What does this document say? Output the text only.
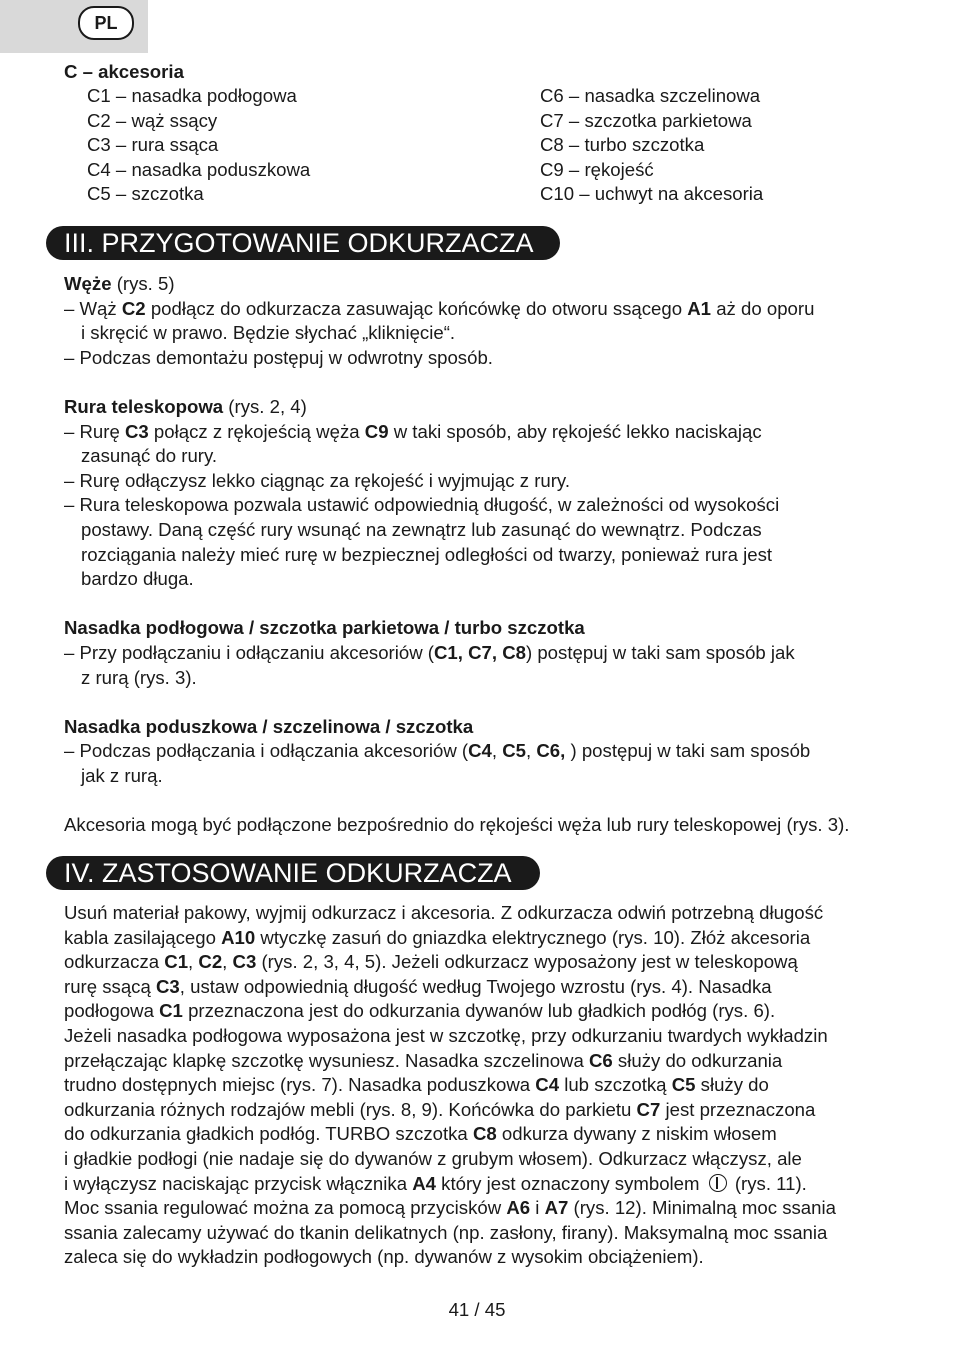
PL
C – akcesoria
C1 – nasadka podłogowa
C2 – wąż ssący
C3 – rura ssąca
C4 – nasadka poduszkowa
C5 – szczotka
C6 – nasadka szczelinowa
C7 – szczotka parkietowa
C8 – turbo szczotka
C9 – rękojeść
C10 – uchwyt na akcesoria
III. PRZYGOTOWANIE ODKURZACZA
Węże (rys. 5)
– Wąż C2 podłącz do odkurzacza zasuwając końcówkę do otworu ssącego A1 aż do oporu
i skręcić w prawo. Będzie słychać „kliknięcie“.
– Podczas demontażu postępuj w odwrotny sposób.

Rura teleskopowa (rys. 2, 4)
– Rurę C3 połącz z rękojeścią węża C9 w taki sposób, aby rękojeść lekko naciskając
zasunąć do rury.
– Rurę odłączysz lekko ciągnąc za rękojeść i wyjmując z rury.
– Rura teleskopowa pozwala ustawić odpowiednią długość, w zależności od wysokości
postawy. Daną część rury wsunąć na zewnątrz lub zasunąć do wewnątrz. Podczas
rozciągania należy mieć rurę w bezpiecznej odległości od twarzy, ponieważ rura jest
bardzo długa.

Nasadka podłogowa / szczotka parkietowa / turbo szczotka
– Przy podłączaniu i odłączaniu akcesoriów (C1, C7, C8) postępuj w taki sam sposób jak
z rurą (rys. 3).

Nasadka poduszkowa / szczelinowa / szczotka
– Podczas podłączania i odłączania akcesoriów (C4, C5, C6, ) postępuj w taki sam sposób
jak z rurą.

Akcesoria mogą być podłączone bezpośrednio do rękojeści węża lub rury teleskopowej (rys. 3).
IV. ZASTOSOWANIE ODKURZACZA
Usuń materiał pakowy, wyjmij odkurzacz i akcesoria. Z odkurzacza odwiń potrzebną długość
kabla zasilającego A10 wtyczkę zasuń do gniazdka elektrycznego (rys. 10). Złóż akcesoria
odkurzacza C1, C2, C3 (rys. 2, 3, 4, 5). Jeżeli odkurzacz wyposażony jest w teleskopową
rurę ssącą C3, ustaw odpowiednią długość według Twojego wzrostu (rys. 4). Nasadka
podłogowa C1 przeznaczona jest do odkurzania dywanów lub gładkich podłóg (rys. 6).
Jeżeli nasadka podłogowa wyposażona jest w szczotkę, przy odkurzaniu twardych wykładzin
przełączając klapkę szczotkę wysuniesz. Nasadka szczelinowa C6 służy do odkurzania
trudno dostępnych miejsc (rys. 7). Nasadka poduszkowa C4 lub szczotką C5 służy do
odkurzania różnych rodzajów mebli (rys. 8, 9). Końcówka do parkietu C7 jest przeznaczona
do odkurzania gładkich podłóg. TURBO szczotka C8 odkurza dywany z niskim włosem
i gładkie podłogi (nie nadaje się do dywanów z grubym włosem). Odkurzacz włączysz, ale
i wyłączysz naciskając przycisk włącznika A4 który jest oznaczony symbolem  (rys. 11).
Moc ssania regulować można za pomocą przycisków A6 i A7 (rys. 12). Minimalną moc ssania
ssania zalecamy używać do tkanin delikatnych (np. zasłony, firany). Maksymalną moc ssania
zaleca się do wykładzin podłogowych (np. dywanów z wysokim obciążeniem).
41 / 45
